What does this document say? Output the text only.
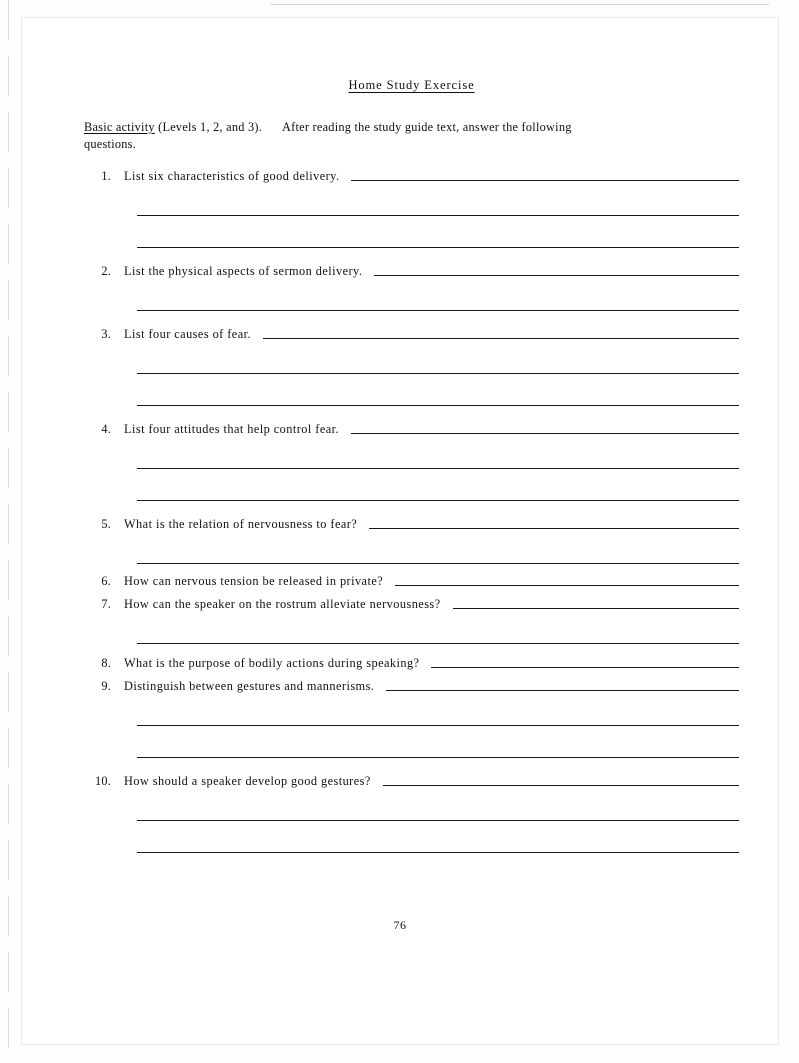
Home Study Exercise
Basic activity (Levels 1, 2, and 3). After reading the study guide text, answer the following
questions.
1.	List six characteristics of good delivery.
2.	List the physical aspects of sermon delivery.
3.	List four causes of fear.
4.	List four attitudes that help control fear.
5.	What is the relation of nervousness to fear?
6.	How can nervous tension be released in private?
7.	How can the speaker on the rostrum alleviate nervousness?
8.	What is the purpose of bodily actions during speaking?
9.	Distinguish between gestures and mannerisms.
10.	How should a speaker develop good gestures?
76
